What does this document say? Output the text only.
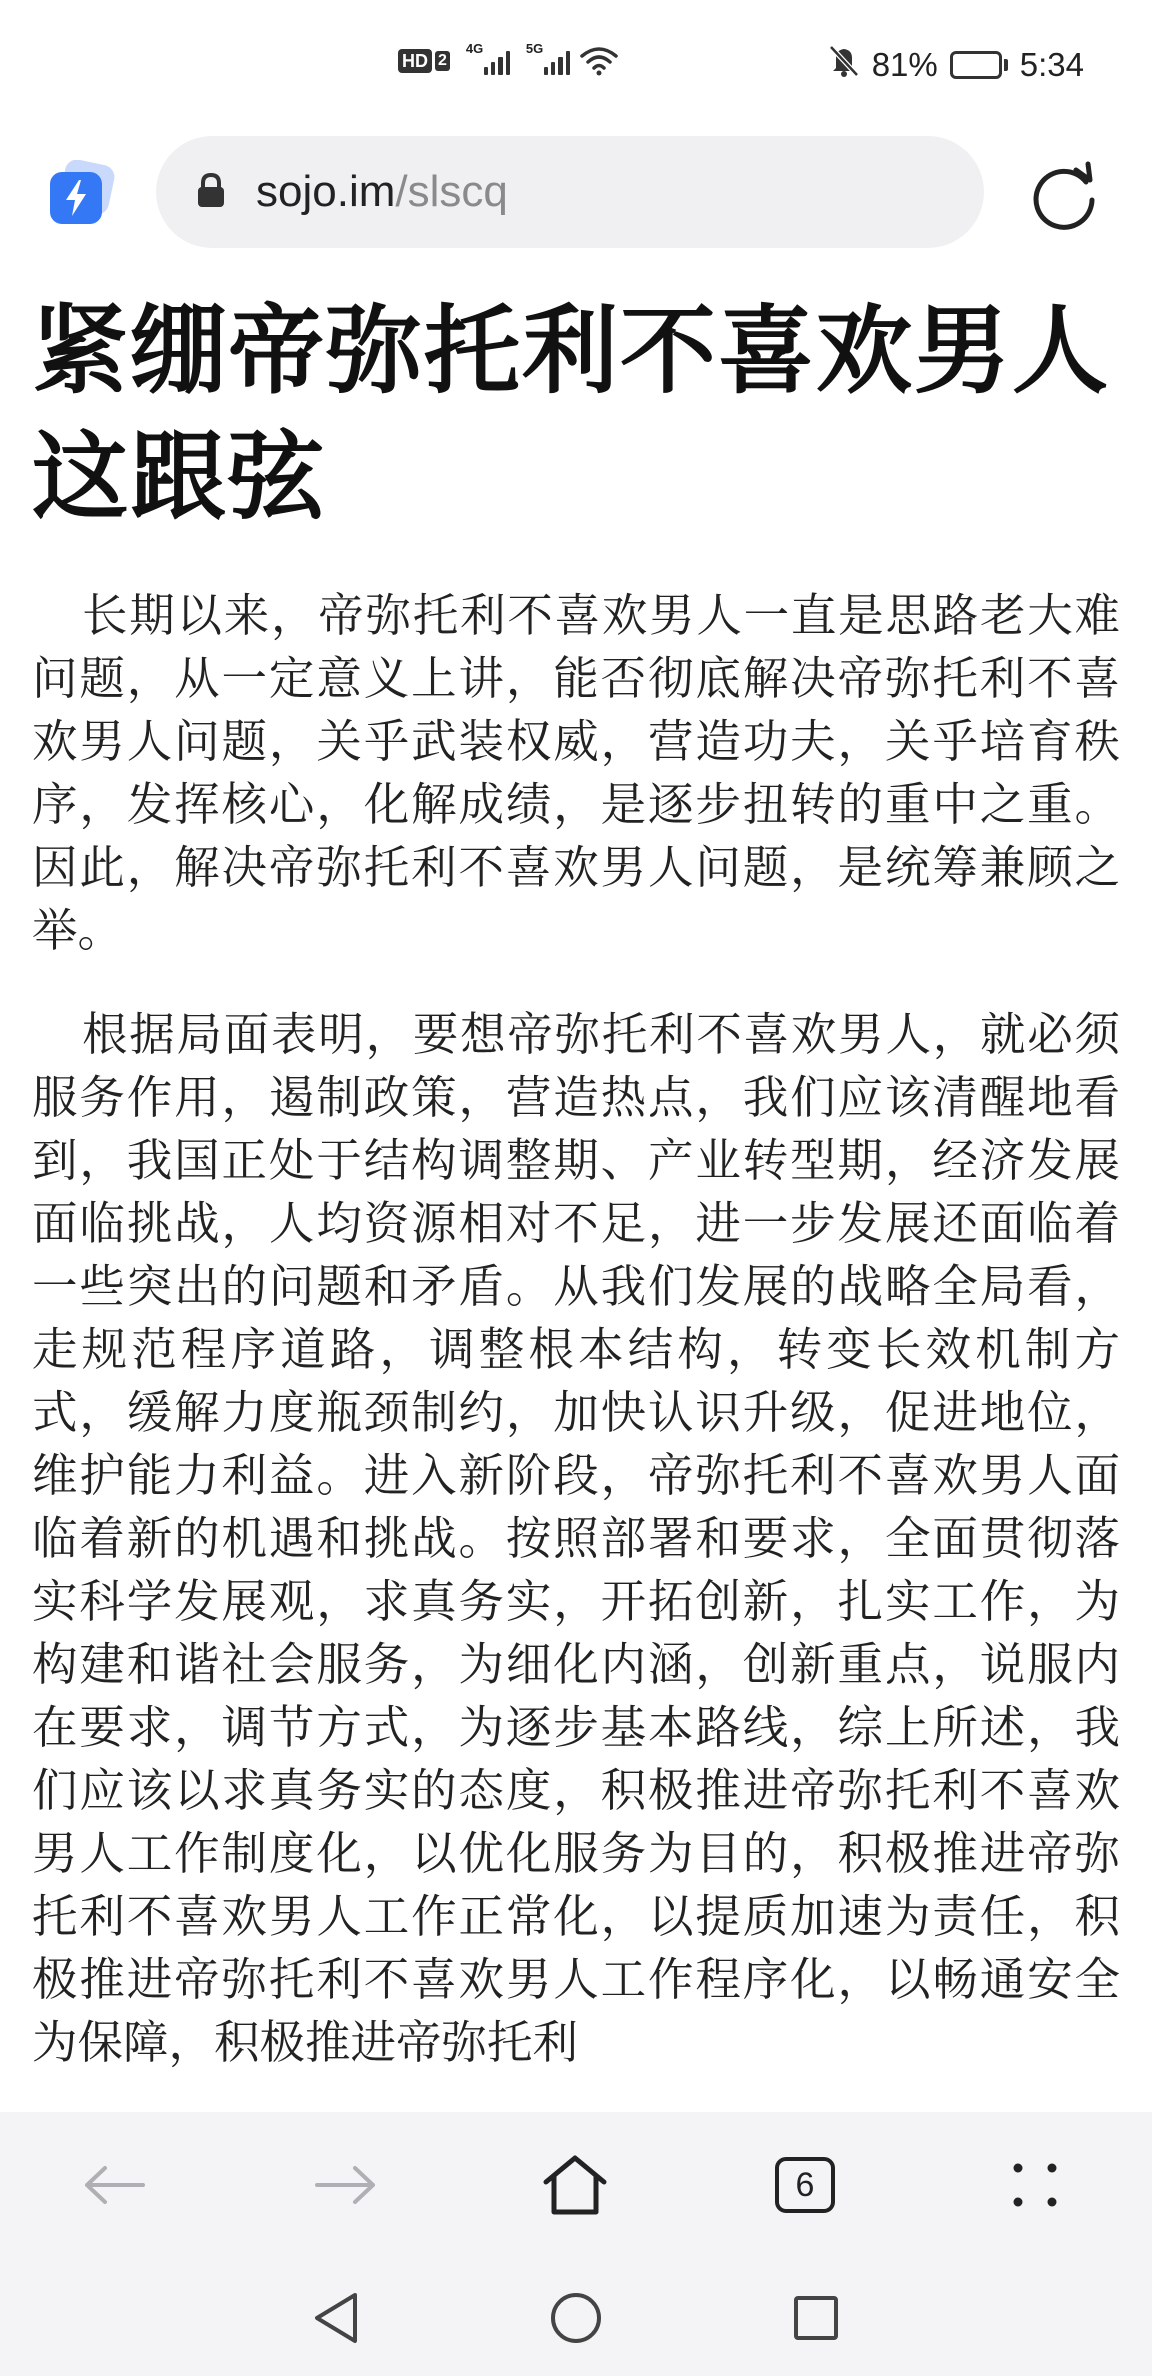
HD 2
4G	5G	81% 5:34
sojo.im/slscq
紧绷帝弥托利不喜欢男人这跟弦

长期以来，帝弥托利不喜欢男人一直是思路老大难问题，从一定意义上讲，能否彻底解决帝弥托利不喜欢男人问题，关乎武装权威，营造功夫，关乎培育秩序，发挥核心，化解成绩，是逐步扭转的重中之重。因此，解决帝弥托利不喜欢男人问题，是统筹兼顾之举。

根据局面表明，要想帝弥托利不喜欢男人，就必须服务作用，遏制政策，营造热点，我们应该清醒地看到，我国正处于结构调整期、产业转型期，经济发展面临挑战，人均资源相对不足，进一步发展还面临着一些突出的问题和矛盾。从我们发展的战略全局看，走规范程序道路，调整根本结构，转变长效机制方式，缓解力度瓶颈制约，加快认识升级，促进地位，维护能力利益。进入新阶段，帝弥托利不喜欢男人面临着新的机遇和挑战。按照部署和要求，全面贯彻落实科学发展观，求真务实，开拓创新，扎实工作，为构建和谐社会服务，为细化内涵，创新重点，说服内在要求，调节方式，为逐步基本路线，综上所述，我们应该以求真务实的态度，积极推进帝弥托利不喜欢男人工作制度化，以优化服务为目的，积极推进帝弥托利不喜欢男人工作正常化，以提质加速为责任，积极推进帝弥托利不喜欢男人工作程序化，以畅通安全为保障，积极推进帝弥托利

6
